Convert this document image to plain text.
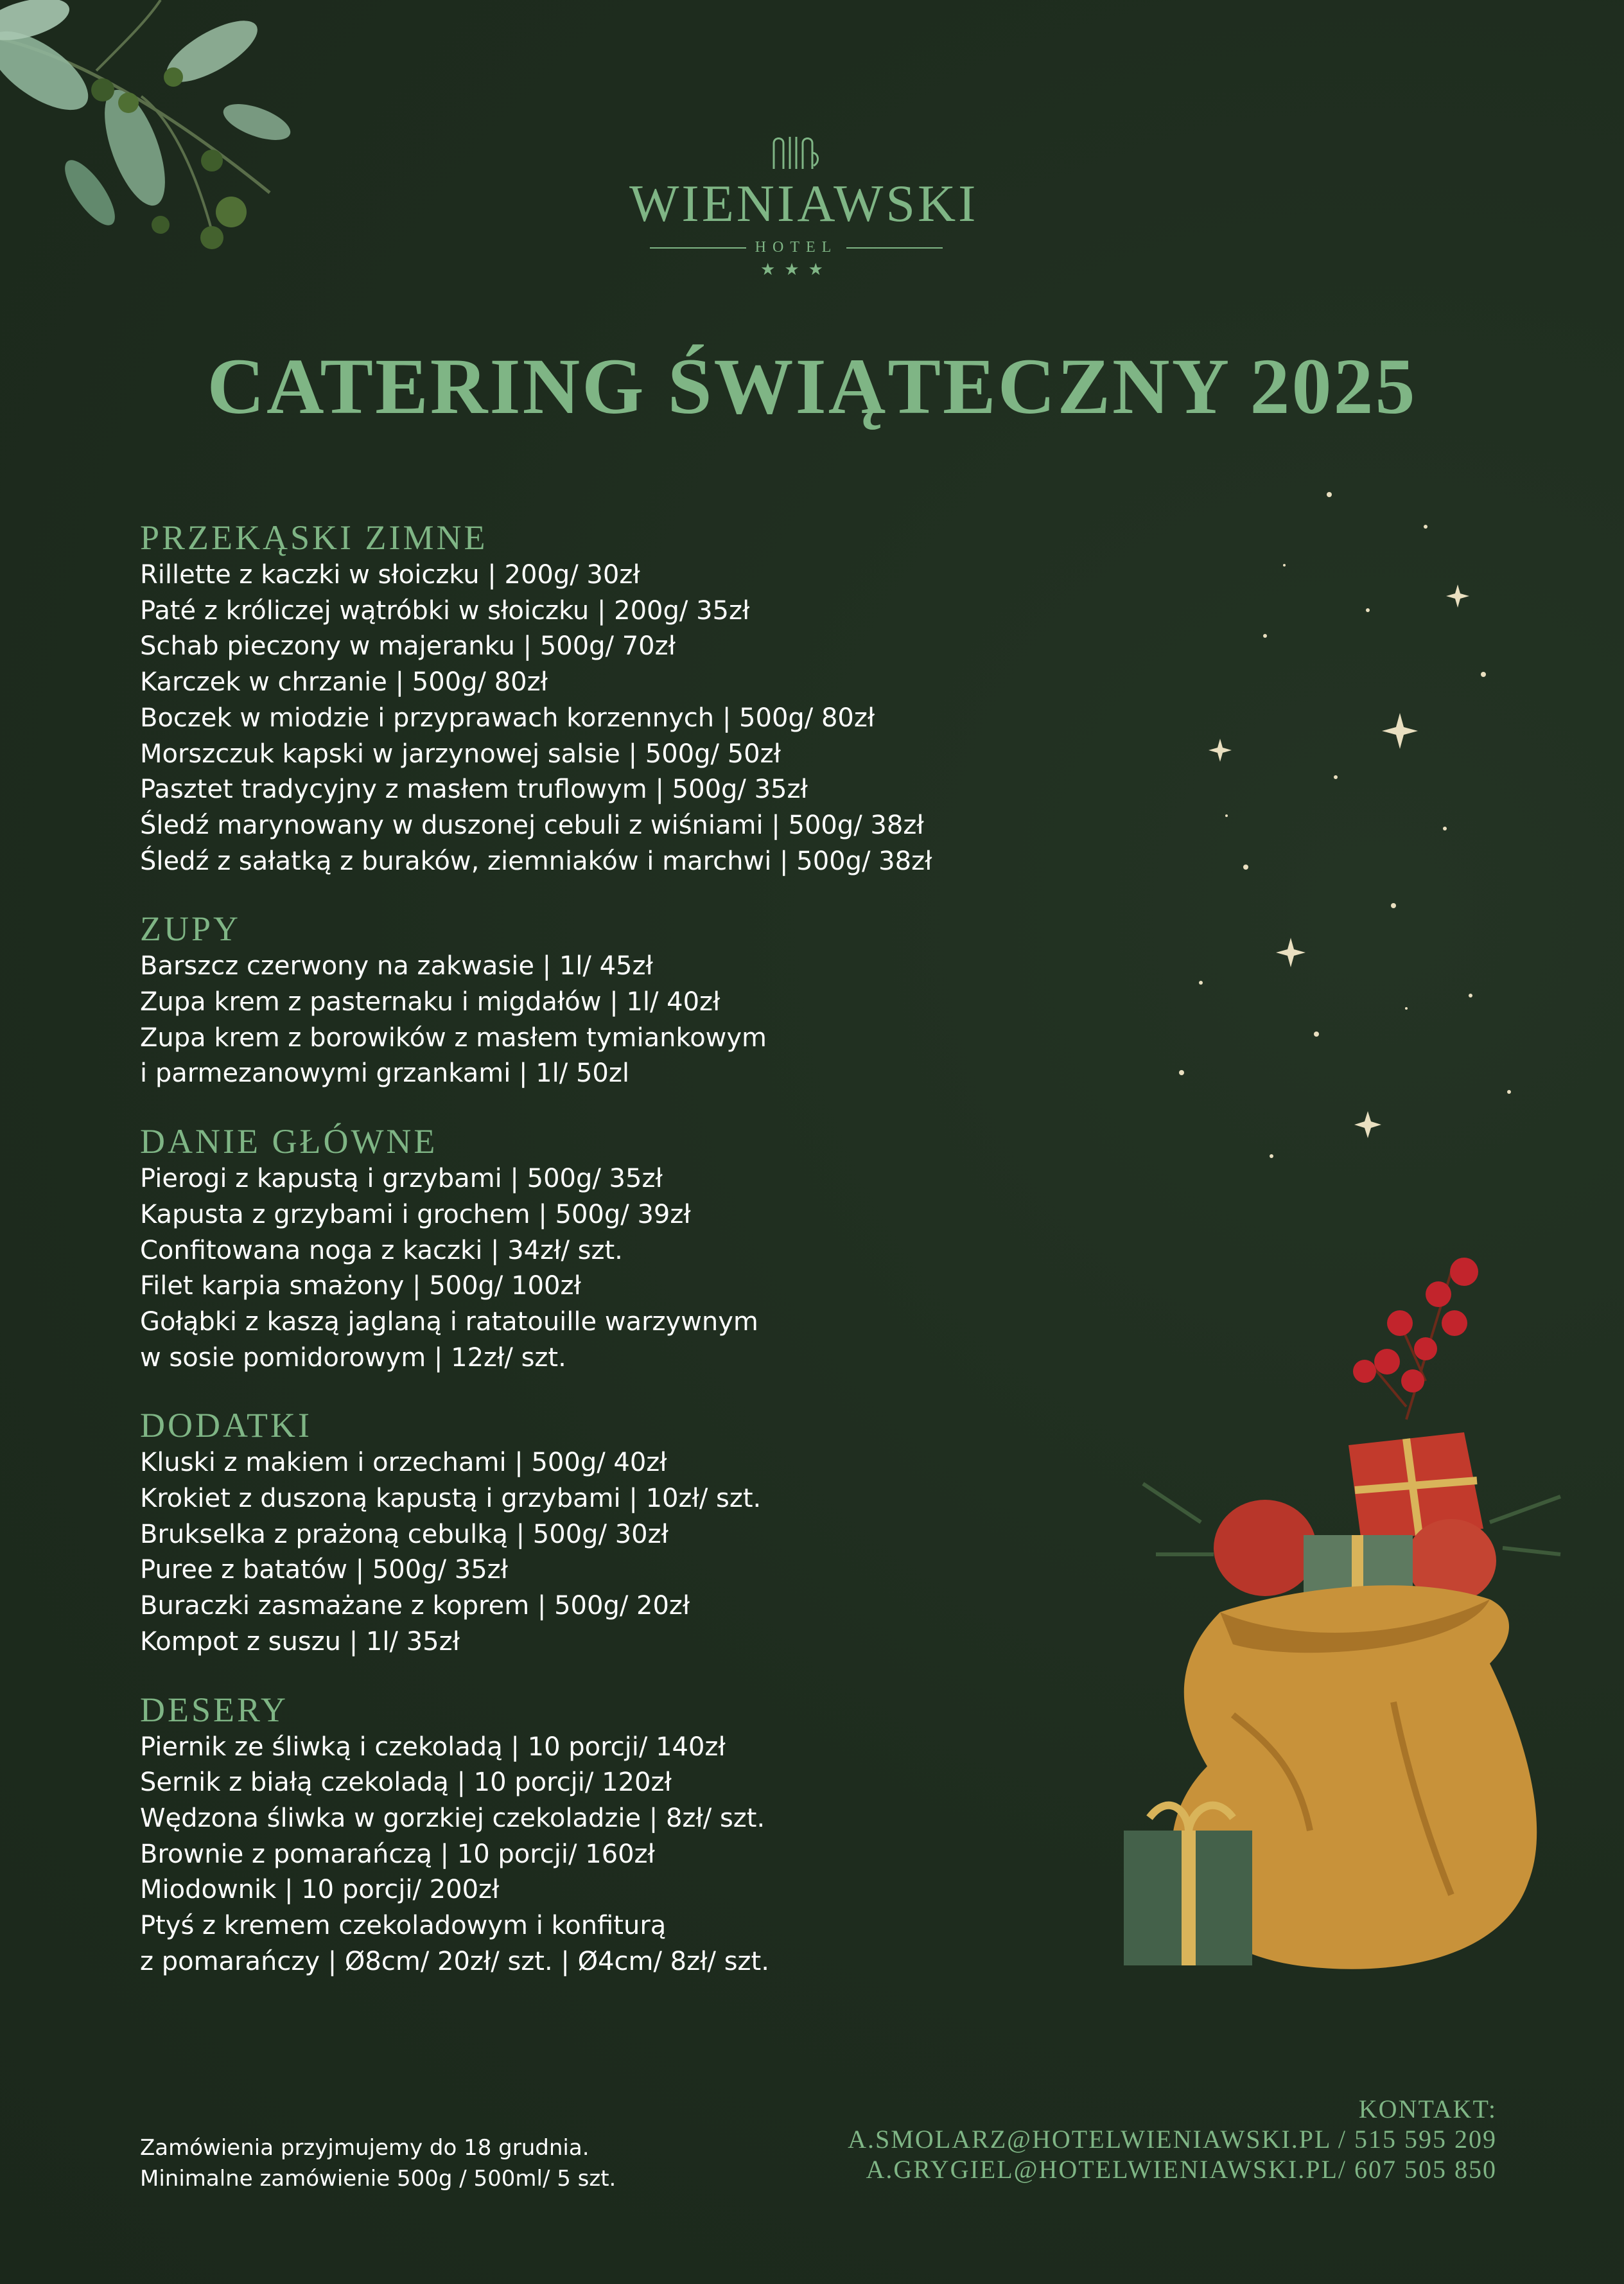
WIENIAWSKI
HOTEL
★★★
CATERING ŚWIĄTECZNY 2025
PRZEKĄSKI ZIMNE
Rillette z kaczki w słoiczku | 200g/ 30zł
Paté z króliczej wątróbki w słoiczku | 200g/ 35zł
Schab pieczony w majeranku | 500g/ 70zł
Karczek w chrzanie | 500g/ 80zł
Boczek w miodzie i przyprawach korzennych | 500g/ 80zł
Morszczuk kapski w jarzynowej salsie | 500g/ 50zł
Pasztet tradycyjny z masłem truflowym | 500g/ 35zł
Śledź marynowany w duszonej cebuli z wiśniami | 500g/ 38zł
Śledź z sałatką z buraków, ziemniaków i marchwi | 500g/ 38zł
ZUPY
Barszcz czerwony na zakwasie | 1l/ 45zł
Zupa krem z pasternaku i migdałów | 1l/ 40zł
Zupa krem z borowików z masłem tymiankowym
i parmezanowymi grzankami | 1l/ 50zl
DANIE GŁÓWNE
Pierogi z kapustą i grzybami | 500g/ 35zł
Kapusta z grzybami i grochem | 500g/ 39zł
Confitowana noga z kaczki | 34zł/ szt.
Filet karpia smażony | 500g/ 100zł
Gołąbki z kaszą jaglaną i ratatouille warzywnym
w sosie pomidorowym | 12zł/ szt.
DODATKI
Kluski z makiem i orzechami | 500g/ 40zł
Krokiet z duszoną kapustą i grzybami | 10zł/ szt.
Brukselka z prażoną cebulką | 500g/ 30zł
Puree z batatów | 500g/ 35zł
Buraczki zasmażane z koprem | 500g/ 20zł
Kompot z suszu | 1l/ 35zł
DESERY
Piernik ze śliwką i czekoladą | 10 porcji/ 140zł
Sernik z białą czekoladą | 10 porcji/ 120zł
Wędzona śliwka w gorzkiej czekoladzie | 8zł/ szt.
Brownie z pomarańczą | 10 porcji/ 160zł
Miodownik | 10 porcji/ 200zł
Ptyś z kremem czekoladowym i konfiturą
z pomarańczy | Ø8cm/ 20zł/ szt. | Ø4cm/ 8zł/ szt.
Zamówienia przyjmujemy do 18 grudnia.
Minimalne zamówienie 500g / 500ml/ 5 szt.
KONTAKT:
A.SMOLARZ@HOTELWIENIAWSKI.PL / 515 595 209
A.GRYGIEL@HOTELWIENIAWSKI.PL/ 607 505 850
